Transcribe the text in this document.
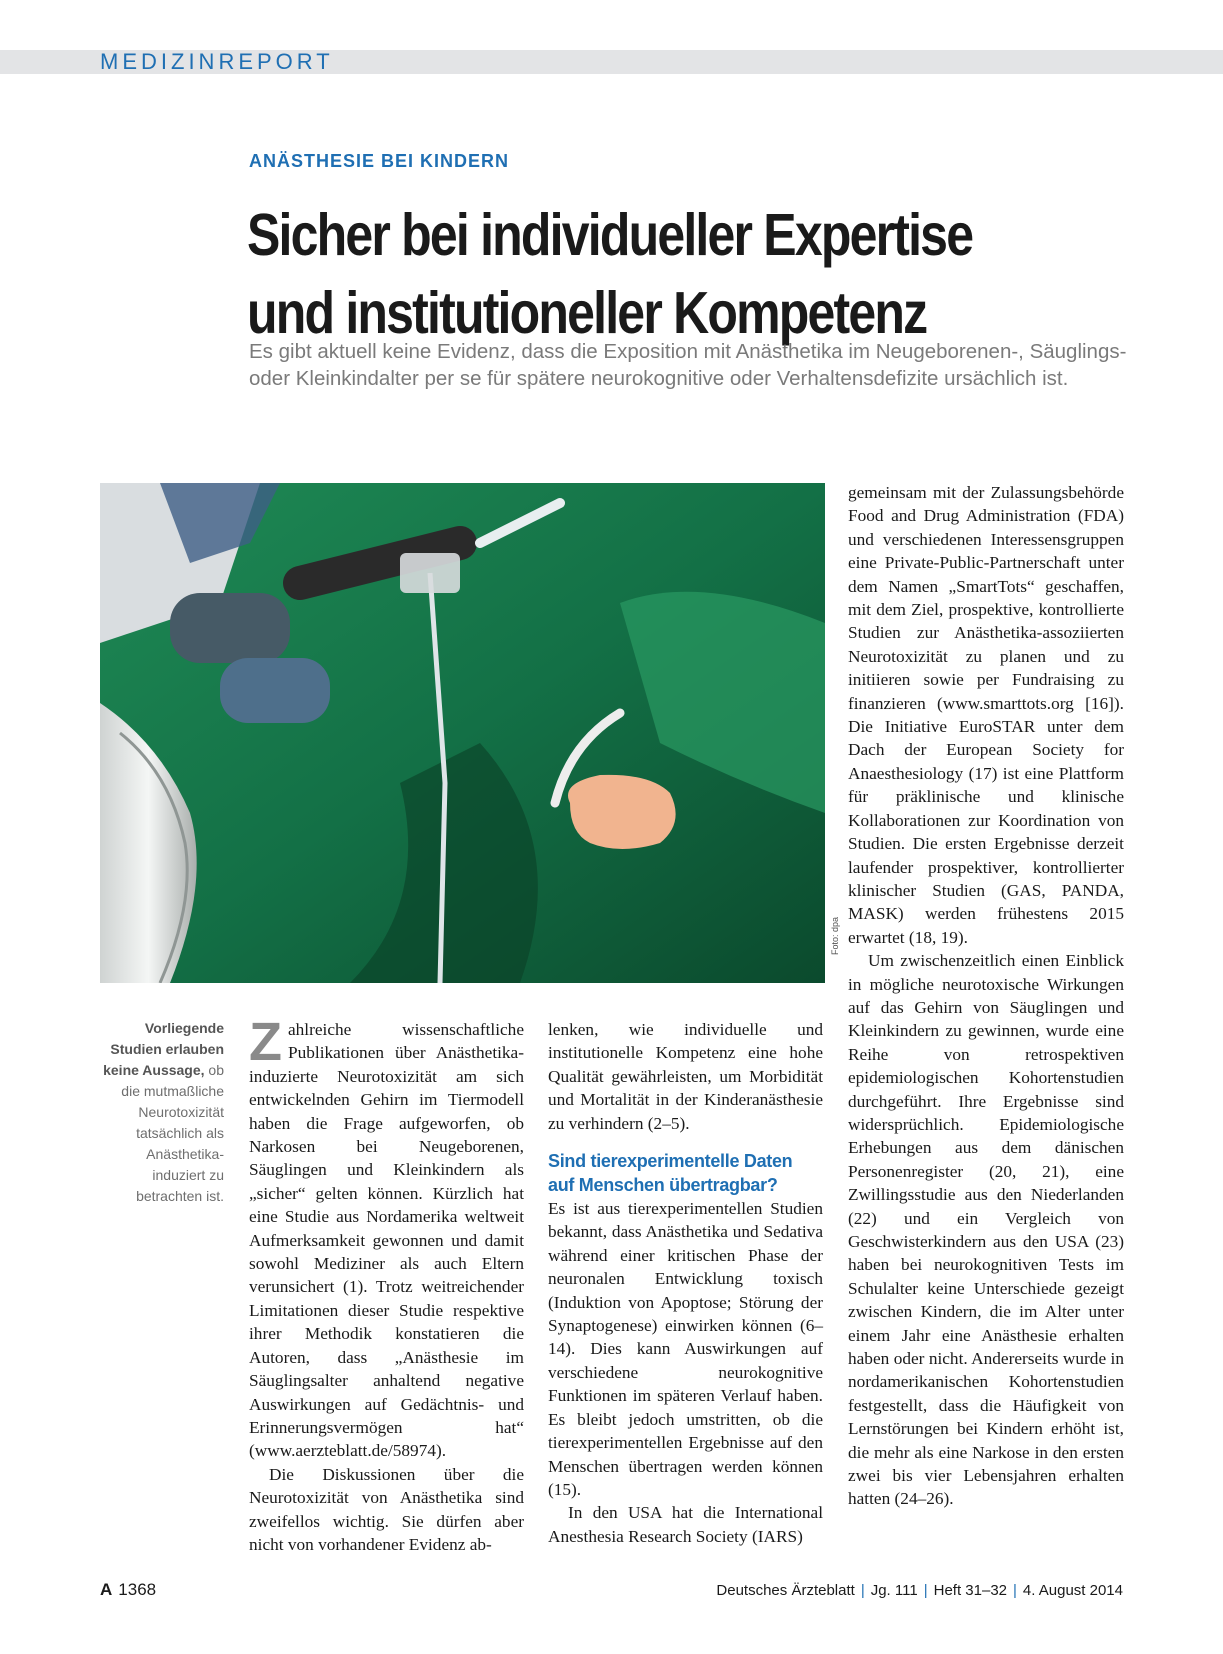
MEDIZINREPORT
ANÄSTHESIE BEI KINDERN
Sicher bei individueller Expertise
und institutioneller Kompetenz
Es gibt aktuell keine Evidenz, dass die Exposition mit Anästhetika im Neugeborenen-, Säuglings- oder Kleinkindalter per se für spätere neurokognitive oder Verhaltensdefizite ursächlich ist.
Foto: dpa
Vorliegende Studien erlauben keine Aussage, ob die mutmaßliche Neurotoxizität tatsächlich als Anästhetika-induziert zu betrachten ist.

Zahlreiche wissenschaftliche Publikationen über Anästhetika-induzierte Neurotoxizität am sich entwickelnden Gehirn im Tiermodell haben die Frage aufgeworfen, ob Narkosen bei Neugeborenen, Säuglingen und Kleinkindern als „sicher“ gelten können. Kürzlich hat eine Studie aus Nordamerika weltweit Aufmerksamkeit gewonnen und damit sowohl Mediziner als auch Eltern verunsichert (1). Trotz weitreichender Limitationen dieser Studie respektive ihrer Methodik konstatieren die Autoren, dass „Anästhesie im Säuglingsalter anhaltend negative Auswirkungen auf Gedächtnis- und Erinnerungsvermögen hat“ (www.aerzteblatt.de/58974).

Die Diskussionen über die Neurotoxizität von Anästhetika sind zweifellos wichtig. Sie dürfen aber nicht von vorhandener Evidenz ab-

lenken, wie individuelle und institutionelle Kompetenz eine hohe Qualität gewährleisten, um Morbidität und Mortalität in der Kinderanästhesie zu verhindern (2–5).

Sind tierexperimentelle Daten auf Menschen übertragbar?

Es ist aus tierexperimentellen Studien bekannt, dass Anästhetika und Sedativa während einer kritischen Phase der neuronalen Entwicklung toxisch (Induktion von Apoptose; Störung der Synaptogenese) einwirken können (6–14). Dies kann Auswirkungen auf verschiedene neurokognitive Funktionen im späteren Verlauf haben. Es bleibt jedoch umstritten, ob die tierexperimentellen Ergebnisse auf den Menschen übertragen werden können (15).

In den USA hat die International Anesthesia Research Society (IARS)

gemeinsam mit der Zulassungsbehörde Food and Drug Administration (FDA) und verschiedenen Interessensgruppen eine Private-Public-Partnerschaft unter dem Namen „SmartTots“ geschaffen, mit dem Ziel, prospektive, kontrollierte Studien zur Anästhetika-assoziierten Neurotoxizität zu planen und zu initiieren sowie per Fundraising zu finanzieren (www.smarttots.org [16]). Die Initiative EuroSTAR unter dem Dach der European Society for Anaesthesiology (17) ist eine Plattform für präklinische und klinische Kollaborationen zur Koordination von Studien. Die ersten Ergebnisse derzeit laufender prospektiver, kontrollierter klinischer Studien (GAS, PANDA, MASK) werden frühestens 2015 erwartet (18, 19).

Um zwischenzeitlich einen Einblick in mögliche neurotoxische Wirkungen auf das Gehirn von Säuglingen und Kleinkindern zu gewinnen, wurde eine Reihe von retrospektiven epidemiologischen Kohortenstudien durchgeführt. Ihre Ergebnisse sind widersprüchlich. Epidemiologische Erhebungen aus dem dänischen Personenregister (20, 21), eine Zwillingsstudie aus den Niederlanden (22) und ein Vergleich von Geschwisterkindern aus den USA (23) haben bei neurokognitiven Tests im Schulalter keine Unterschiede gezeigt zwischen Kindern, die im Alter unter einem Jahr eine Anästhesie erhalten haben oder nicht. Andererseits wurde in nordamerikanischen Kohortenstudien festgestellt, dass die Häufigkeit von Lernstörungen bei Kindern erhöht ist, die mehr als eine Narkose in den ersten zwei bis vier Lebensjahren erhalten hatten (24–26).

A 1368	Deutsches Ärzteblatt | Jg. 111 | Heft 31–32 | 4. August 2014
